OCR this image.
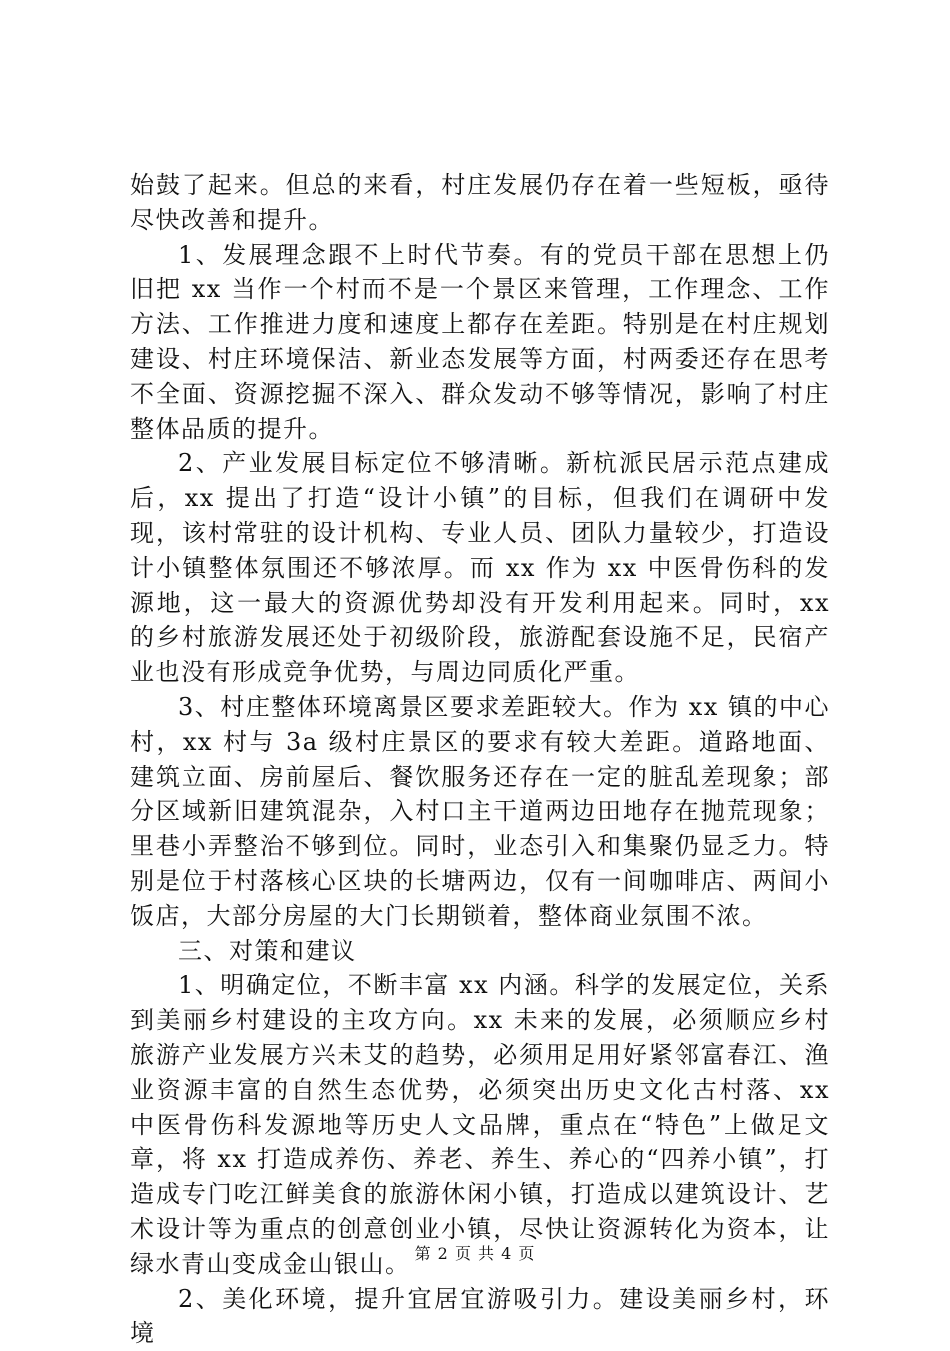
始鼓了起来。但总的来看，村庄发展仍存在着一些短板，亟待尽快改善和提升。

1、发展理念跟不上时代节奏。有的党员干部在思想上仍旧把 xx 当作一个村而不是一个景区来管理，工作理念、工作方法、工作推进力度和速度上都存在差距。特别是在村庄规划建设、村庄环境保洁、新业态发展等方面，村两委还存在思考不全面、资源挖掘不深入、群众发动不够等情况，影响了村庄整体品质的提升。

2、产业发展目标定位不够清晰。新杭派民居示范点建成后，xx 提出了打造“设计小镇”的目标，但我们在调研中发现，该村常驻的设计机构、专业人员、团队力量较少，打造设计小镇整体氛围还不够浓厚。而 xx 作为 xx 中医骨伤科的发源地，这一最大的资源优势却没有开发利用起来。同时，xx 的乡村旅游发展还处于初级阶段，旅游配套设施不足，民宿产业也没有形成竞争优势，与周边同质化严重。

3、村庄整体环境离景区要求差距较大。作为 xx 镇的中心村，xx 村与 3a 级村庄景区的要求有较大差距。道路地面、建筑立面、房前屋后、餐饮服务还存在一定的脏乱差现象；部分区域新旧建筑混杂，入村口主干道两边田地存在抛荒现象；里巷小弄整治不够到位。同时，业态引入和集聚仍显乏力。特别是位于村落核心区块的长塘两边，仅有一间咖啡店、两间小饭店，大部分房屋的大门长期锁着，整体商业氛围不浓。

三、对策和建议

1、明确定位，不断丰富 xx 内涵。科学的发展定位，关系到美丽乡村建设的主攻方向。xx 未来的发展，必须顺应乡村旅游产业发展方兴未艾的趋势，必须用足用好紧邻富春江、渔业资源丰富的自然生态优势，必须突出历史文化古村落、xx 中医骨伤科发源地等历史人文品牌，重点在“特色”上做足文章，将 xx 打造成养伤、养老、养生、养心的“四养小镇”，打造成专门吃江鲜美食的旅游休闲小镇，打造成以建筑设计、艺术设计等为重点的创意创业小镇，尽快让资源转化为资本，让绿水青山变成金山银山。

2、美化环境，提升宜居宜游吸引力。建设美丽乡村，环境

第 2 页 共 4 页
